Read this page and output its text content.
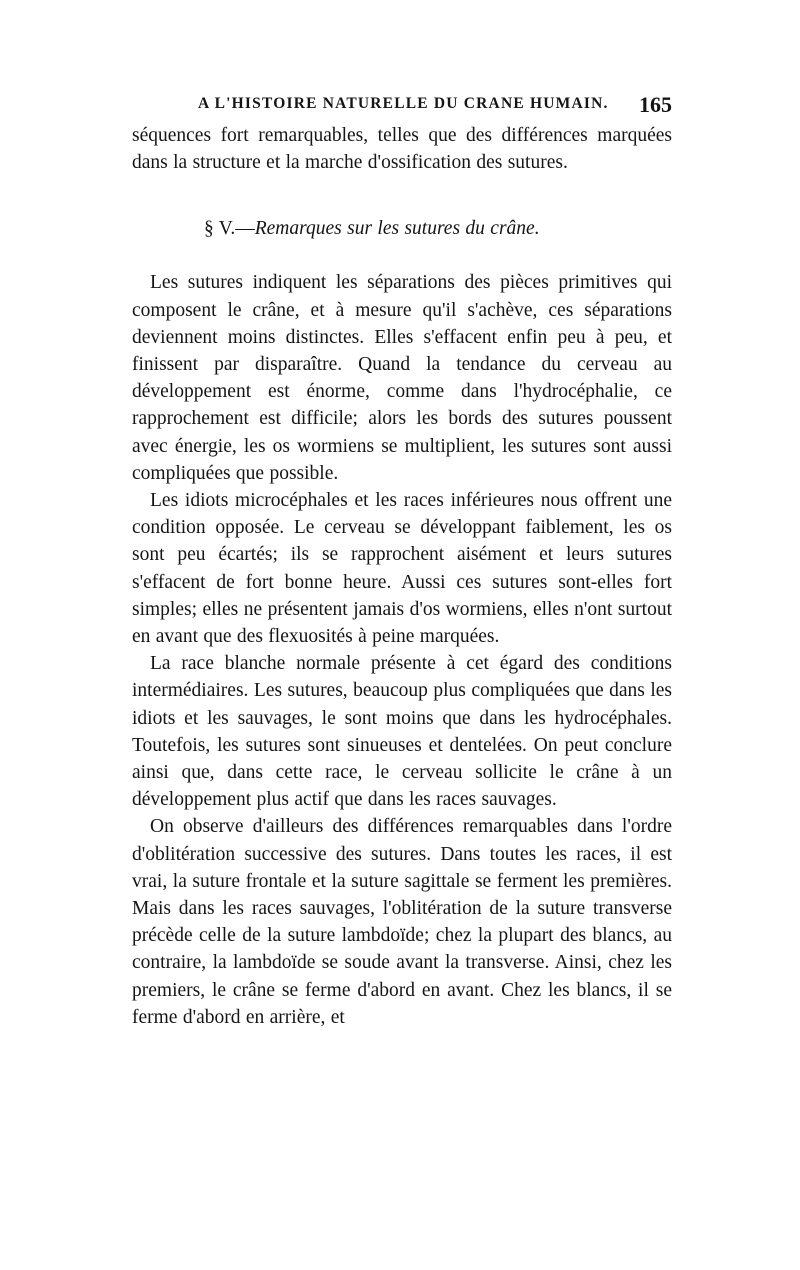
A L'HISTOIRE NATURELLE DU CRANE HUMAIN. 165

séquences fort remarquables, telles que des différences marquées dans la structure et la marche d'ossification des sutures.

§ V.—Remarques sur les sutures du crâne.

Les sutures indiquent les séparations des pièces primitives qui composent le crâne, et à mesure qu'il s'achève, ces séparations deviennent moins distinctes. Elles s'effacent enfin peu à peu, et finissent par disparaître. Quand la tendance du cerveau au développement est énorme, comme dans l'hydrocéphalie, ce rapprochement est difficile; alors les bords des sutures poussent avec énergie, les os wormiens se multiplient, les sutures sont aussi compliquées que possible.

Les idiots microcéphales et les races inférieures nous offrent une condition opposée. Le cerveau se développant faiblement, les os sont peu écartés; ils se rapprochent aisément et leurs sutures s'effacent de fort bonne heure. Aussi ces sutures sont-elles fort simples; elles ne présentent jamais d'os wormiens, elles n'ont surtout en avant que des flexuosités à peine marquées.

La race blanche normale présente à cet égard des conditions intermédiaires. Les sutures, beaucoup plus compliquées que dans les idiots et les sauvages, le sont moins que dans les hydrocéphales. Toutefois, les sutures sont sinueuses et dentelées. On peut conclure ainsi que, dans cette race, le cerveau sollicite le crâne à un développement plus actif que dans les races sauvages.

On observe d'ailleurs des différences remarquables dans l'ordre d'oblitération successive des sutures. Dans toutes les races, il est vrai, la suture frontale et la suture sagittale se ferment les premières. Mais dans les races sauvages, l'oblitération de la suture transverse précède celle de la suture lambdoïde; chez la plupart des blancs, au contraire, la lambdoïde se soude avant la transverse. Ainsi, chez les premiers, le crâne se ferme d'abord en avant. Chez les blancs, il se ferme d'abord en arrière, et
